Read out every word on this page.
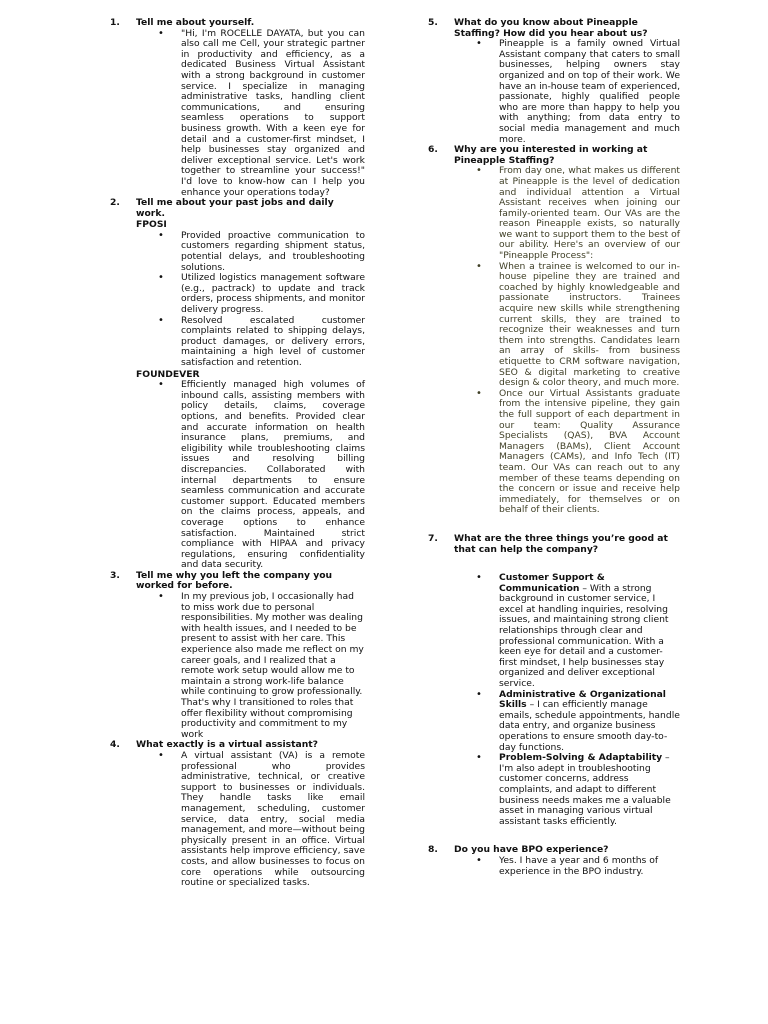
1. Tell me about yourself.

• "Hi, I'm ROCELLE DAYATA, but you can also call me Cell, your strategic partner in productivity and efficiency, as a dedicated Business Virtual Assistant with a strong background in customer service. I specialize in managing administrative tasks, handling client communications, and ensuring seamless operations to support business growth. With a keen eye for detail and a customer-first mindset, I help businesses stay organized and deliver exceptional service. Let's work together to streamline your success!" I'd love to know-how can I help you enhance your operations today?
2. Tell me about your past jobs and daily work.

FPOSI

• Provided proactive communication to customers regarding shipment status, potential delays, and troubleshooting solutions.
• Utilized logistics management software (e.g., pactrack) to update and track orders, process shipments, and monitor delivery progress.
• Resolved escalated customer complaints related to shipping delays, product damages, or delivery errors, maintaining a high level of customer satisfaction and retention.

FOUNDEVER

• Efficiently managed high volumes of inbound calls, assisting members with policy details, claims, coverage options, and benefits. Provided clear and accurate information on health insurance plans, premiums, and eligibility while troubleshooting claims issues and resolving billing discrepancies. Collaborated with internal departments to ensure seamless communication and accurate customer support. Educated members on the claims process, appeals, and coverage options to enhance satisfaction. Maintained strict compliance with HIPAA and privacy regulations, ensuring confidentiality and data security.
3. Tell me why you left the company you worked for before.

• In my previous job, I occasionally had to miss work due to personal responsibilities. My mother was dealing with health issues, and I needed to be present to assist with her care. This experience also made me reflect on my career goals, and I realized that a remote work setup would allow me to maintain a strong work-life balance while continuing to grow professionally. That's why I transitioned to roles that offer flexibility without compromising productivity and commitment to my work
4. What exactly is a virtual assistant?

• A virtual assistant (VA) is a remote professional who provides administrative, technical, or creative support to businesses or individuals. They handle tasks like email management, scheduling, customer service, data entry, social media management, and more—without being physically present in an office. Virtual assistants help improve efficiency, save costs, and allow businesses to focus on core operations while outsourcing routine or specialized tasks.
5. What do you know about Pineapple Staffing? How did you hear about us?

• Pineapple is a family owned Virtual Assistant company that caters to small businesses, helping owners stay organized and on top of their work. We have an in-house team of experienced, passionate, highly qualified people who are more than happy to help you with anything; from data entry to social media management and much more.
6. Why are you interested in working at Pineapple Staffing?

• From day one, what makes us different at Pineapple is the level of dedication and individual attention a Virtual Assistant receives when joining our family-oriented team. Our VAs are the reason Pineapple exists, so naturally we want to support them to the best of our ability. Here's an overview of our "Pineapple Process":
• When a trainee is welcomed to our in-house pipeline they are trained and coached by highly knowledgeable and passionate instructors. Trainees acquire new skills while strengthening current skills, they are trained to recognize their weaknesses and turn them into strengths. Candidates learn an array of skills- from business etiquette to CRM software navigation, SEO & digital marketing to creative design & color theory, and much more.
• Once our Virtual Assistants graduate from the intensive pipeline, they gain the full support of each department in our team: Quality Assurance Specialists (QAS), BVA Account Managers (BAMs), Client Account Managers (CAMs), and Info Tech (IT) team. Our VAs can reach out to any member of these teams depending on the concern or issue and receive help immediately, for themselves or on behalf of their clients.
7. What are the three things you’re good at that can help the company?

• Customer Support & Communication – With a strong background in customer service, I excel at handling inquiries, resolving issues, and maintaining strong client relationships through clear and professional communication. With a keen eye for detail and a customer-first mindset, I help businesses stay organized and deliver exceptional service.
• Administrative & Organizational Skills – I can efficiently manage emails, schedule appointments, handle data entry, and organize business operations to ensure smooth day-to-day functions.
• Problem-Solving & Adaptability – I'm also adept in troubleshooting customer concerns, address complaints, and adapt to different business needs makes me a valuable asset in managing various virtual assistant tasks efficiently.
8. Do you have BPO experience?

• Yes. I have a year and 6 months of experience in the BPO industry.
